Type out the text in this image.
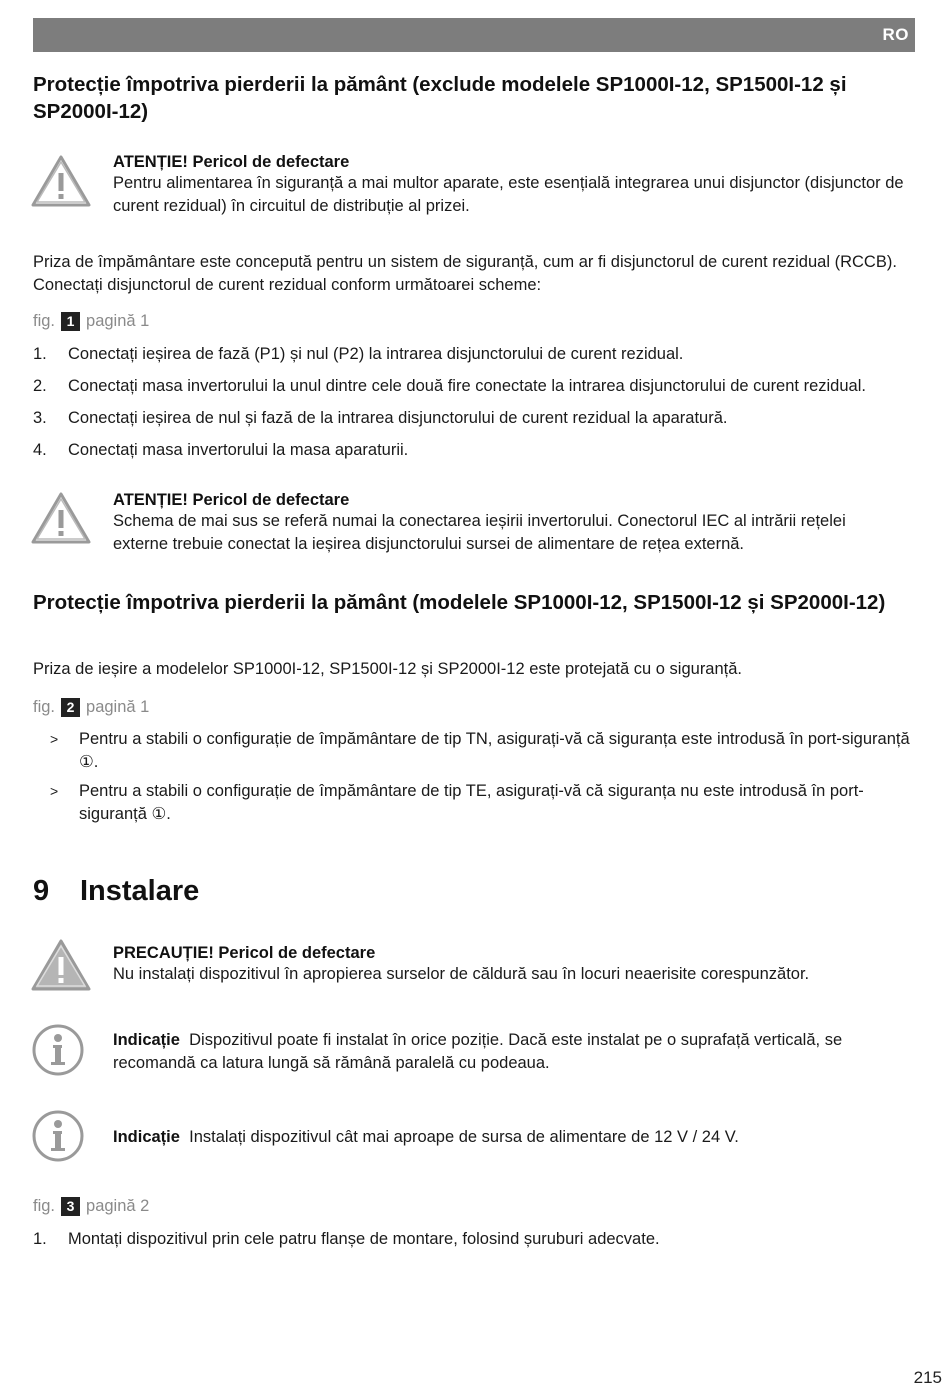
RO
Protecție împotriva pierderii la pământ (exclude modelele SP1000I-12, SP1500I-12 și SP2000I-12)
ATENȚIE! Pericol de defectare
Pentru alimentarea în siguranță a mai multor aparate, este esențială integrarea unui disjunctor (disjunctor de curent rezidual) în circuitul de distribuție al prizei.
Priza de împământare este concepută pentru un sistem de siguranță, cum ar fi disjunctorul de curent rezidual (RCCB). Conectați disjunctorul de curent rezidual conform următoarei scheme:
fig. 1 pagină 1
1.	Conectați ieșirea de fază (P1) și nul (P2) la intrarea disjunctorului de curent rezidual.
2.	Conectați masa invertorului la unul dintre cele două fire conectate la intrarea disjunctorului de curent rezidual.
3.	Conectați ieșirea de nul și fază de la intrarea disjunctorului de curent rezidual la aparatură.
4.	Conectați masa invertorului la masa aparaturii.
ATENȚIE! Pericol de defectare
Schema de mai sus se referă numai la conectarea ieșirii invertorului. Conectorul IEC al intrării rețelei externe trebuie conectat la ieșirea disjunctorului sursei de alimentare de rețea externă.
Protecție împotriva pierderii la pământ (modelele SP1000I-12, SP1500I-12 și SP2000I-12)
Priza de ieșire a modelelor SP1000I-12, SP1500I-12 și SP2000I-12 este protejată cu o siguranță.
fig. 2 pagină 1
> Pentru a stabili o configurație de împământare de tip TN, asigurați-vă că siguranța este introdusă în port-siguranță ①.
> Pentru a stabili o configurație de împământare de tip TE, asigurați-vă că siguranța nu este introdusă în port-siguranță ①.
9 Instalare
PRECAUȚIE! Pericol de defectare
Nu instalați dispozitivul în apropierea surselor de căldură sau în locuri neaerisite corespunzător.
Indicație Dispozitivul poate fi instalat în orice poziție. Dacă este instalat pe o suprafață verticală, se recomandă ca latura lungă să rămână paralelă cu podeaua.
Indicație Instalați dispozitivul cât mai aproape de sursa de alimentare de 12 V / 24 V.
fig. 3 pagină 2
1.	Montați dispozitivul prin cele patru flanșe de montare, folosind șuruburi adecvate.
215
